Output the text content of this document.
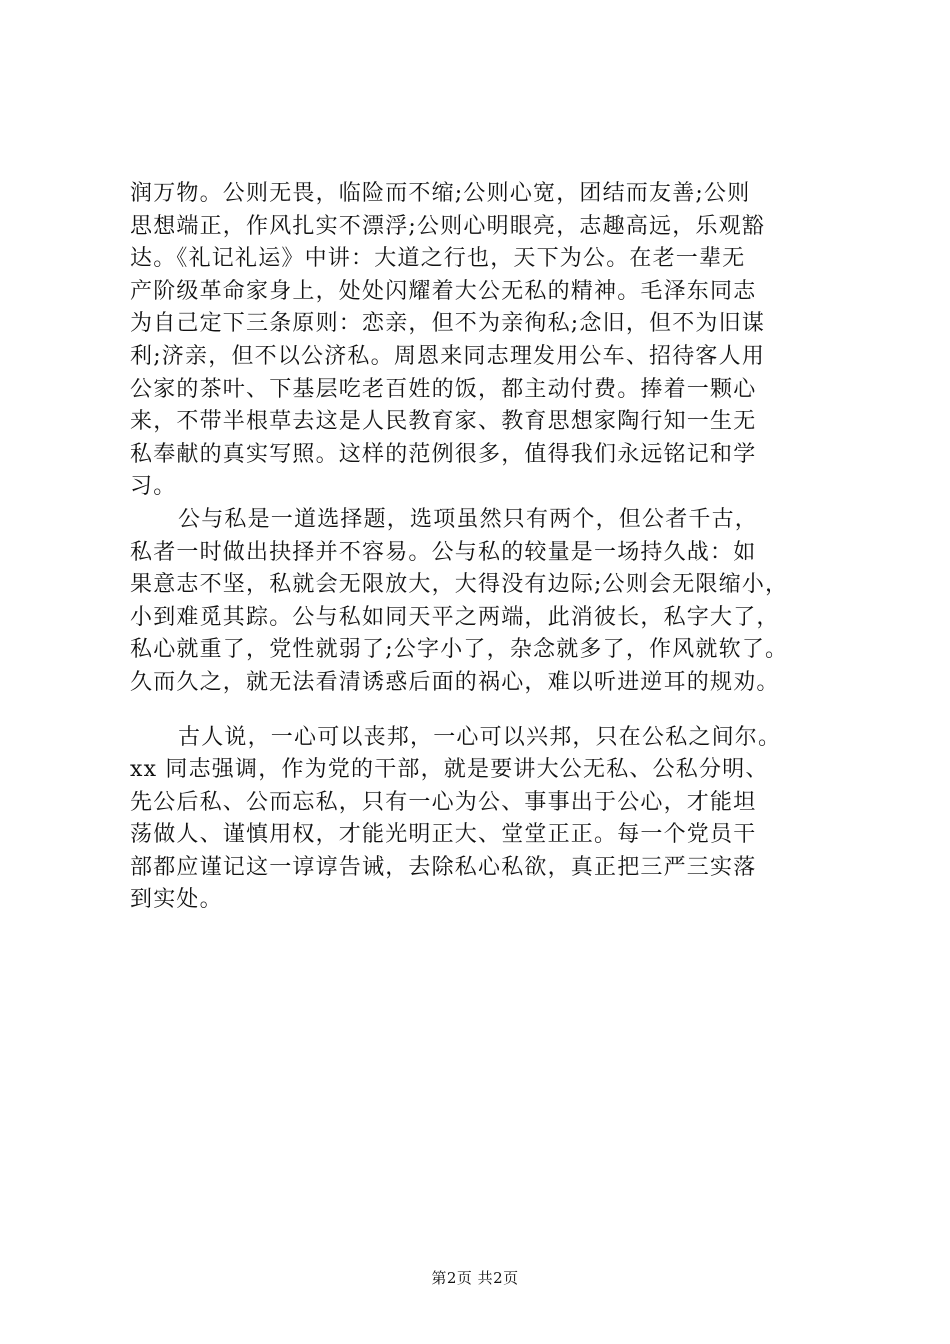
润万物。公则无畏，临险而不缩;公则心宽，团结而友善;公则
思想端正，作风扎实不漂浮;公则心明眼亮，志趣高远，乐观豁
达。《礼记礼运》中讲：大道之行也，天下为公。在老一辈无
产阶级革命家身上，处处闪耀着大公无私的精神。毛泽东同志
为自己定下三条原则：恋亲，但不为亲徇私;念旧，但不为旧谋
利;济亲，但不以公济私。周恩来同志理发用公车、招待客人用
公家的茶叶、下基层吃老百姓的饭，都主动付费。捧着一颗心
来，不带半根草去这是人民教育家、教育思想家陶行知一生无
私奉献的真实写照。这样的范例很多，值得我们永远铭记和学
习。
公与私是一道选择题，选项虽然只有两个，但公者千古，
私者一时做出抉择并不容易。公与私的较量是一场持久战：如
果意志不坚，私就会无限放大，大得没有边际;公则会无限缩小，
小到难觅其踪。公与私如同天平之两端，此消彼长，私字大了，
私心就重了，党性就弱了;公字小了，杂念就多了，作风就软了。
久而久之，就无法看清诱惑后面的祸心，难以听进逆耳的规劝。
古人说，一心可以丧邦，一心可以兴邦，只在公私之间尔。
xx 同志强调，作为党的干部，就是要讲大公无私、公私分明、
先公后私、公而忘私，只有一心为公、事事出于公心，才能坦
荡做人、谨慎用权，才能光明正大、堂堂正正。每一个党员干
部都应谨记这一谆谆告诫，去除私心私欲，真正把三严三实落
到实处。
第2页 共2页
